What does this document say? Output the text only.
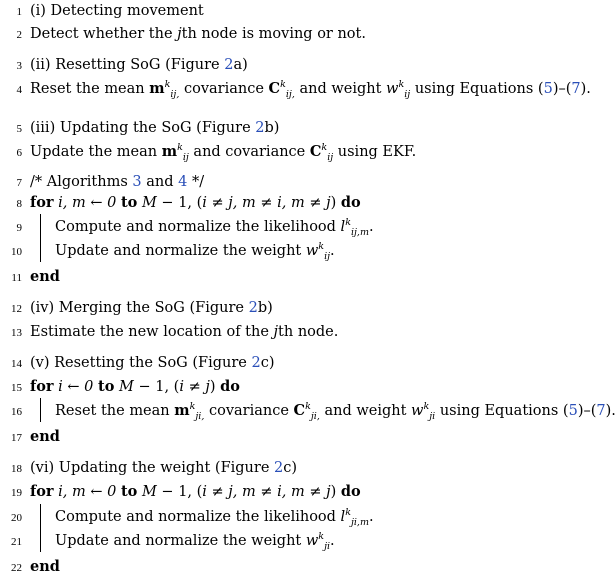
1 (i) Detecting movement
2 Detect whether the jth node is moving or not.
3 (ii) Resetting SoG (Figure 2a)
4 Reset the mean $m^k_{ij,}$ covariance $C^k_{ij,}$ and weight $w^k_{ij}$ using Equations (5)–(7).
5 (iii) Updating the SoG (Figure 2b)
6 Update the mean $m^k_{ij}$ and covariance $C^k_{ij}$ using EKF.
7 /* Algorithms 3 and 4 */
8 for i, m ← 0 to M − 1, (i ≠ j, m ≠ i, m ≠ j) do
9 Compute and normalize the likelihood $l^k_{ij,m}$.
10 Update and normalize the weight $w^k_{ij}$.
11 end
12 (iv) Merging the SoG (Figure 2b)
13 Estimate the new location of the jth node.
14 (v) Resetting the SoG (Figure 2c)
15 for i ← 0 to M − 1, (i ≠ j) do
16 Reset the mean $m^k_{ji,}$ covariance $C^k_{ji,}$ and weight $w^k_{ji}$ using Equations (5)–(7).
17 end
18 (vi) Updating the weight (Figure 2c)
19 for i, m ← 0 to M − 1, (i ≠ j, m ≠ i, m ≠ j) do
20 Compute and normalize the likelihood $l^k_{ji,m}$.
21 Update and normalize the weight $w^k_{ji}$.
22 end
